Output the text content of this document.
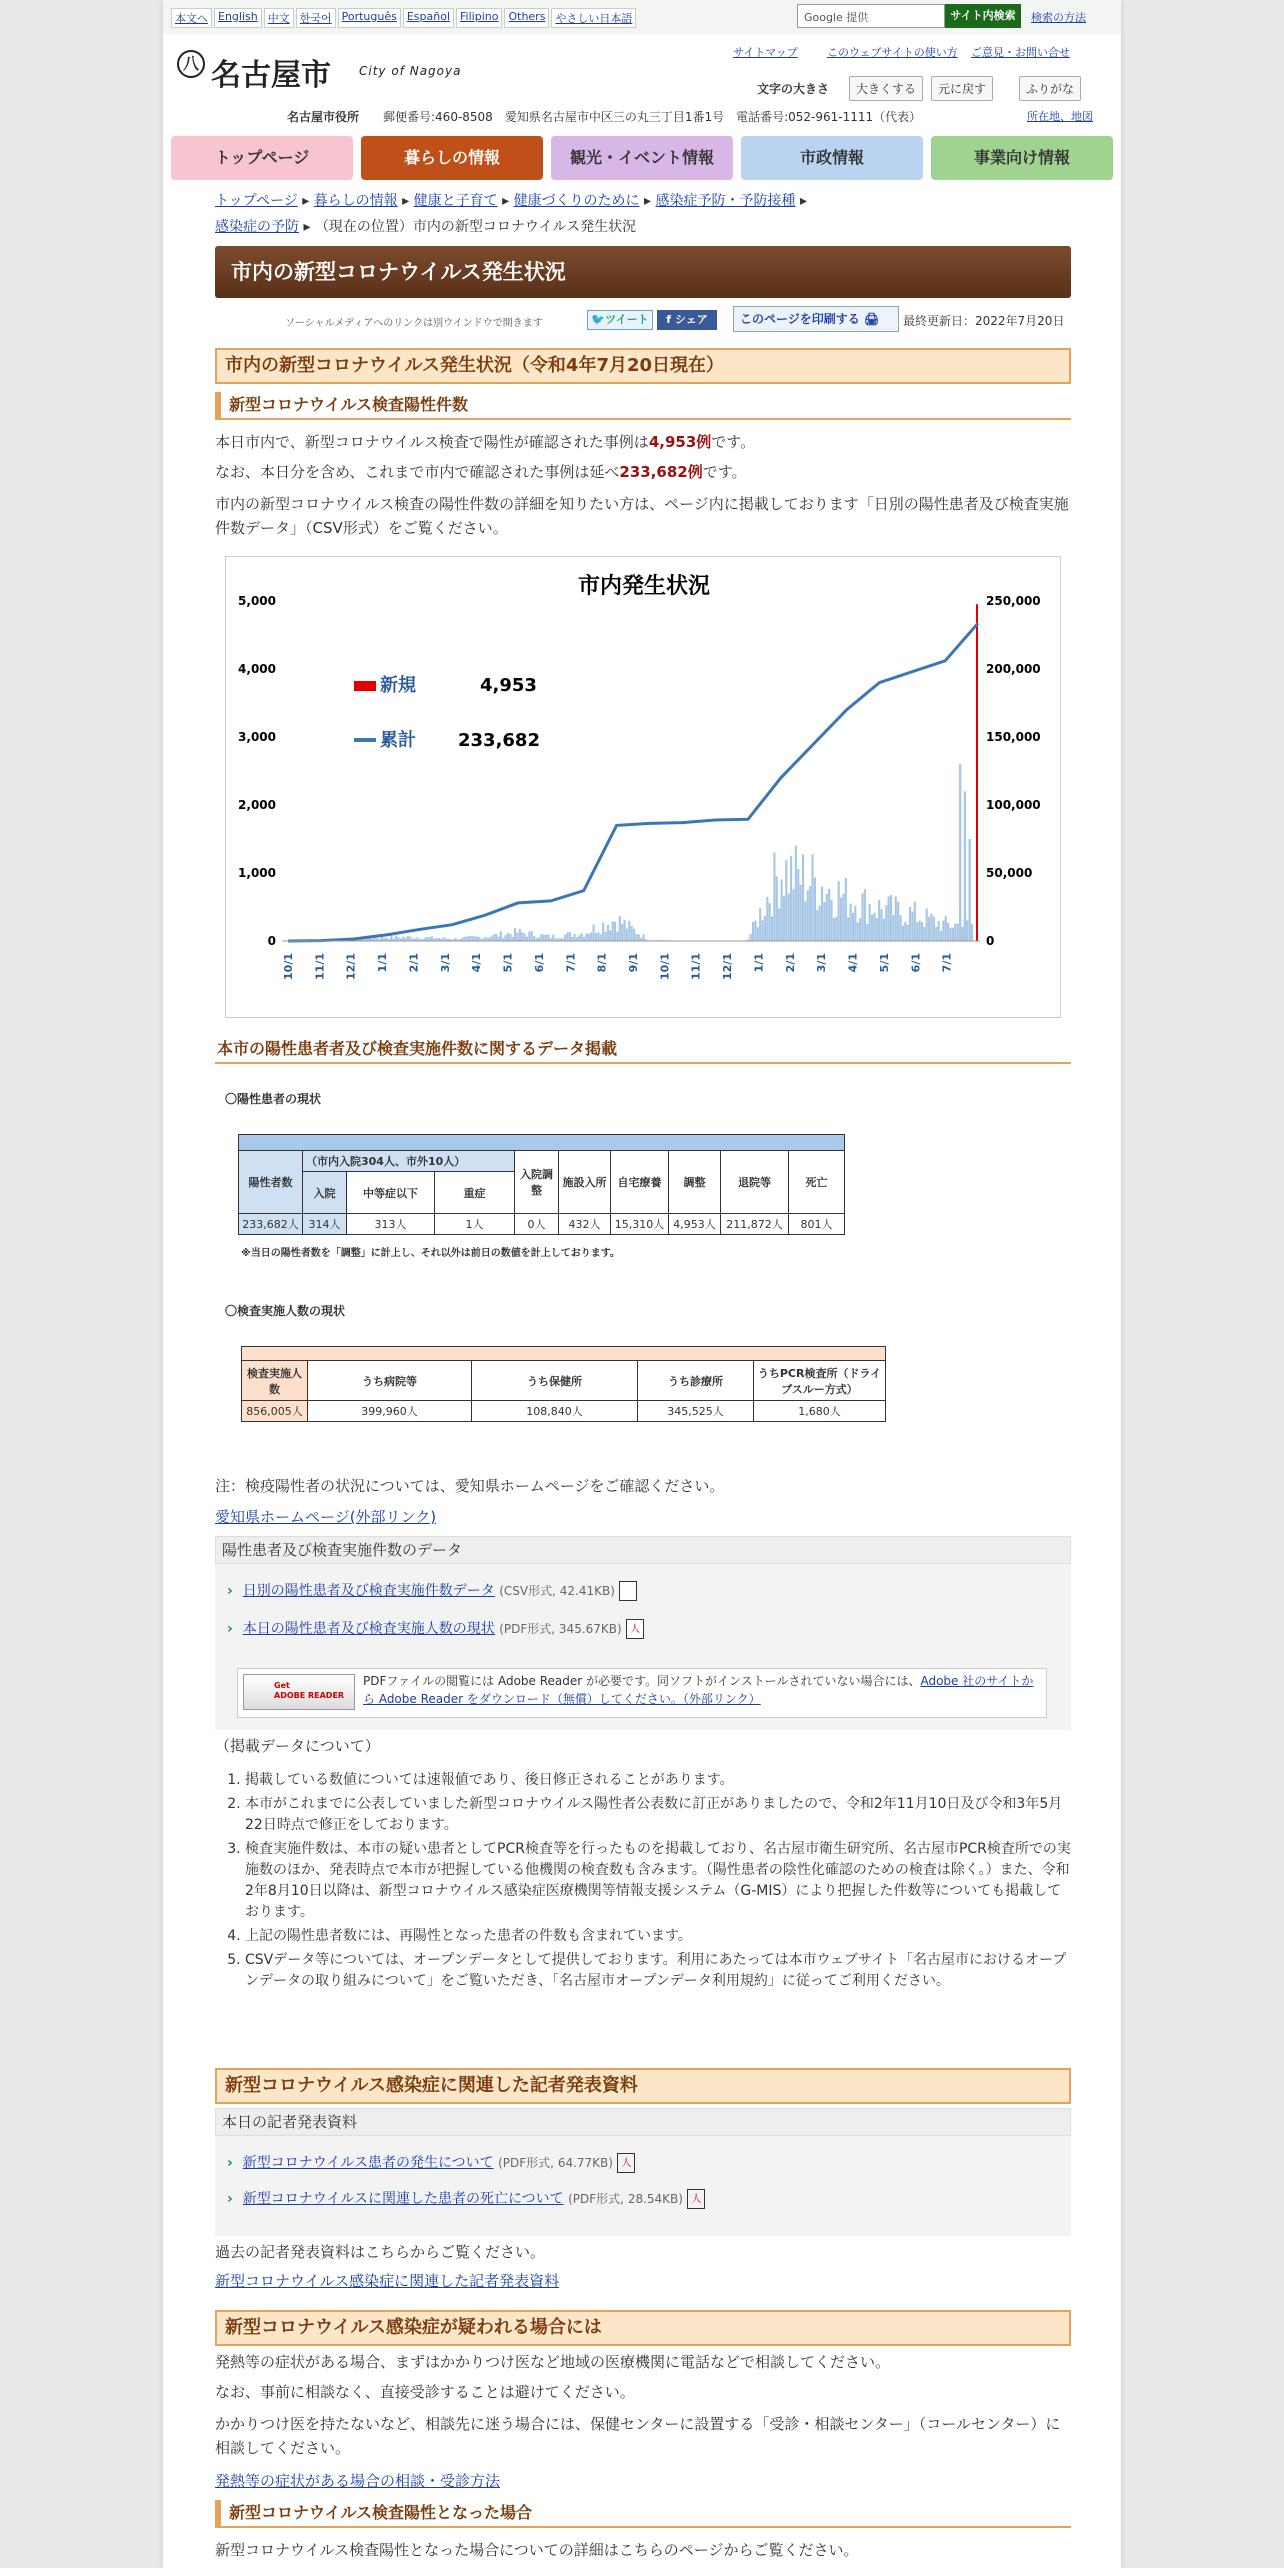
本文へ English 中文 한국어 Português Español Filipino Others やさしい日本語	Google 提供	サイト内検索	検索の方法
八 名古屋市 City of Nagoya
サイトマップ	このウェブサイトの使い方 ご意見・お問い合せ
文字の大きさ	大きくする	元に戻す	ふりがな
名古屋市役所 郵便番号:460-8508　愛知県名古屋市中区三の丸三丁目1番1号　電話番号:052-961-1111（代表）	所在地、地図
トップページ	暮らしの情報	観光・イベント情報	市政情報	事業向け情報
トップページ ▸ 暮らしの情報 ▸ 健康と子育て ▸ 健康づくりのために ▸ 感染症予防・予防接種 ▸
感染症の予防 ▸ （現在の位置）市内の新型コロナウイルス発生状況
市内の新型コロナウイルス発生状況
ソーシャルメディアへのリンクは別ウインドウで開きます	🐦ツイート	f シェア	このページを印刷する 🖨	最終更新日：2022年7月20日
市内の新型コロナウイルス発生状況（令和4年7月20日現在）
新型コロナウイルス検査陽性件数
本日市内で、新型コロナウイルス検査で陽性が確認された事例は4,953例です。
なお、本日分を含め、これまで市内で確認された事例は延べ233,682例です。
市内の新型コロナウイルス検査の陽性件数の詳細を知りたい方は、ページ内に掲載しております「日別の陽性患者及び検査実施件数データ」（CSV形式）をご覧ください。
市内発生状況
5,000
4,000
3,000
2,000
1,000
0
250,000
200,000
150,000
100,000
50,000
0
10/1 11/1 12/1 1/1 2/1 3/1 4/1 5/1 6/1 7/1 8/1 9/1 10/1 11/1 12/1 1/1 2/1 3/1 4/1 5/1 6/1 7/1
新規	4,953
累計 233,682
本市の陽性患者者及び検査実施件数に関するデータ掲載
〇陽性患者の現状

陽性者数	（市内入院304人、市外10人）			入院調整	施設入所	自宅療養	調整	退院等	死亡
	入院	中等症以下	重症						
233,682人	314人	313人	1人	0人	432人	15,310人	4,953人	211,872人	801人
※当日の陽性者数を「調整」に計上し、それ以外は前日の数値を計上しております。
〇検査実施人数の現状

検査実施人数	うち病院等	うち保健所	うち診療所	うちPCR検査所（ドライブスルー方式）
856,005人	399,960人	108,840人	345,525人	1,680人
注：検疫陽性者の状況については、愛知県ホームページをご確認ください。
愛知県ホームページ(外部リンク)
陽性患者及び検査実施件数のデータ
› 日別の陽性患者及び検査実施件数データ (CSV形式, 42.41KB)
› 本日の陽性患者及び検査実施人数の現状 (PDF形式, 345.67KB) 人
Get
ADOBE READER
PDFファイルの閲覧には Adobe Reader が必要です。同ソフトがインストールされていない場合には、Adobe 社のサイトから Adobe Reader をダウンロード（無償）してください。（外部リンク）
（掲載データについて）
1. 掲載している数値については速報値であり、後日修正されることがあります。
2. 本市がこれまでに公表していました新型コロナウイルス陽性者公表数に訂正がありましたので、令和2年11月10日及び令和3年5月22日時点で修正をしております。
3. 検査実施件数は、本市の疑い患者としてPCR検査等を行ったものを掲載しており、名古屋市衛生研究所、名古屋市PCR検査所での実施数のほか、発表時点で本市が把握している他機関の検査数も含みます。（陽性患者の陰性化確認のための検査は除く。）また、令和2年8月10日以降は、新型コロナウイルス感染症医療機関等情報支援システム（G-MIS）により把握した件数等についても掲載しております。
4. 上記の陽性患者数には、再陽性となった患者の件数も含まれています。
5. CSVデータ等については、オープンデータとして提供しております。利用にあたっては本市ウェブサイト「名古屋市におけるオープンデータの取り組みについて」をご覧いただき、「名古屋市オープンデータ利用規約」に従ってご利用ください。
新型コロナウイルス感染症に関連した記者発表資料
本日の記者発表資料
› 新型コロナウイルス患者の発生について (PDF形式, 64.77KB) 人
› 新型コロナウイルスに関連した患者の死亡について (PDF形式, 28.54KB) 人
過去の記者発表資料はこちらからご覧ください。
新型コロナウイルス感染症に関連した記者発表資料
新型コロナウイルス感染症が疑われる場合には
発熱等の症状がある場合、まずはかかりつけ医など地域の医療機関に電話などで相談してください。
なお、事前に相談なく、直接受診することは避けてください。
かかりつけ医を持たないなど、相談先に迷う場合には、保健センターに設置する「受診・相談センター」（コールセンター）に相談してください。
発熱等の症状がある場合の相談・受診方法
新型コロナウイルス検査陽性となった場合
新型コロナウイルス検査陽性となった場合についての詳細はこちらのページからご覧ください。
